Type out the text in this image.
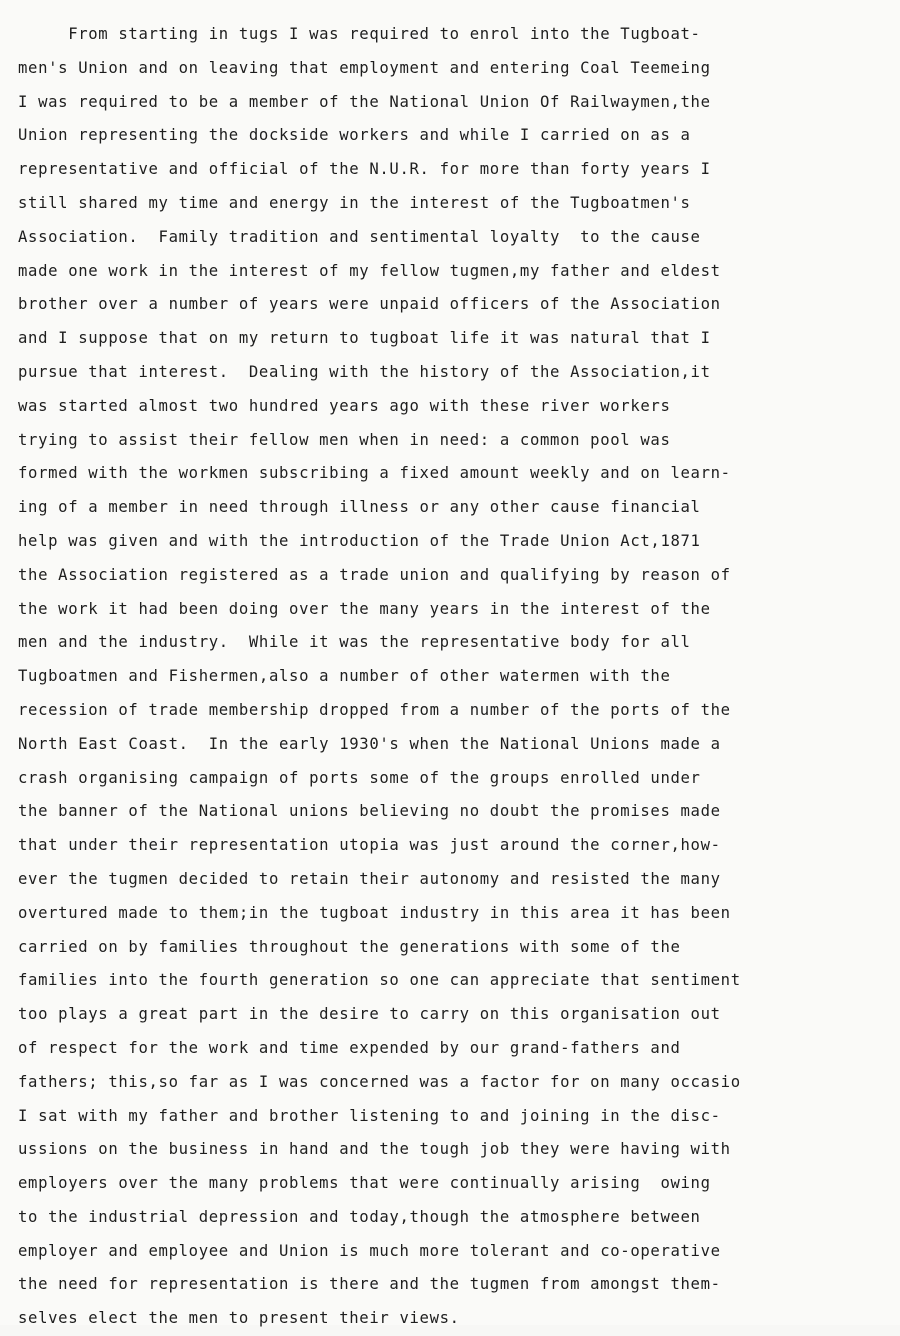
From starting in tugs I was required to enrol into the Tugboat-
men's Union and on leaving that employment and entering Coal Teemeing
I was required to be a member of the National Union Of Railwaymen,the
Union representing the dockside workers and while I carried on as a
representative and official of the N.U.R. for more than forty years I
still shared my time and energy in the interest of the Tugboatmen's
Association.  Family tradition and sentimental loyalty  to the cause
made one work in the interest of my fellow tugmen,my father and eldest
brother over a number of years were unpaid officers of the Association
and I suppose that on my return to tugboat life it was natural that I
pursue that interest.  Dealing with the history of the Association,it
was started almost two hundred years ago with these river workers
trying to assist their fellow men when in need: a common pool was
formed with the workmen subscribing a fixed amount weekly and on learn-
ing of a member in need through illness or any other cause financial
help was given and with the introduction of the Trade Union Act,1871
the Association registered as a trade union and qualifying by reason of
the work it had been doing over the many years in the interest of the
men and the industry.  While it was the representative body for all
Tugboatmen and Fishermen,also a number of other watermen with the
recession of trade membership dropped from a number of the ports of the
North East Coast.  In the early 1930's when the National Unions made a
crash organising campaign of ports some of the groups enrolled under
the banner of the National unions believing no doubt the promises made
that under their representation utopia was just around the corner,how-
ever the tugmen decided to retain their autonomy and resisted the many
overtured made to them;in the tugboat industry in this area it has been
carried on by families throughout the generations with some of the
families into the fourth generation so one can appreciate that sentiment
too plays a great part in the desire to carry on this organisation out
of respect for the work and time expended by our grand-fathers and
fathers; this,so far as I was concerned was a factor for on many occasio
I sat with my father and brother listening to and joining in the disc-
ussions on the business in hand and the tough job they were having with
employers over the many problems that were continually arising  owing
to the industrial depression and today,though the atmosphere between
employer and employee and Union is much more tolerant and co-operative
the need for representation is there and the tugmen from amongst them-
selves elect the men to present their views.
